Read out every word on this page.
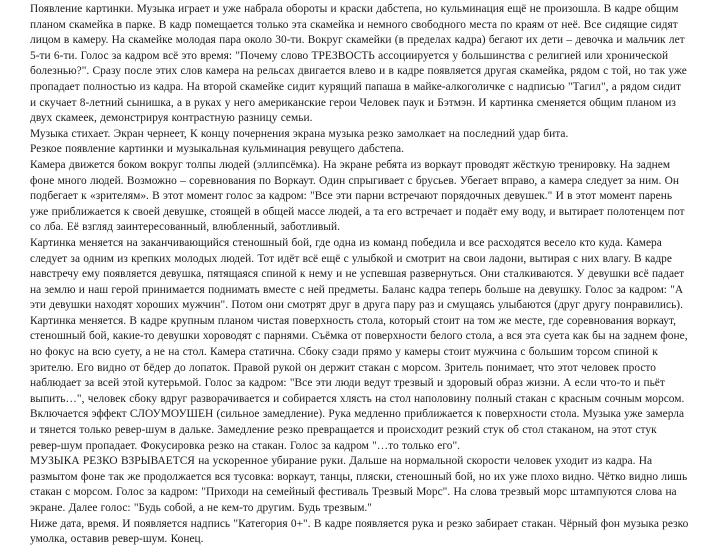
Появление картинки. Музыка играет и уже набрала обороты и краски дабстепа, но кульминация ещё не произошла. В кадре общим планом скамейка в парке. В кадр помещается только эта скамейка и немного свободного места по краям от неё. Все сидящие сидят лицом в камеру. На скамейке молодая пара около 30-ти. Вокруг скамейки (в пределах кадра) бегают их дети – девочка и мальчик лет 5-ти 6-ти. Голос за кадром всё это время: "Почему слово ТРЕЗВОСТЬ ассоциируется у большинства с религией или хронической болезнью?". Сразу после этих слов камера на рельсах двигается влево и в кадре появляется другая скамейка, рядом с той, но так уже пропадает полностью из кадра. На второй скамейке сидит курящий папаша в майке-алкоголичке с надписью "Тагил", а рядом сидит и скучает 8-летний сынишка, а в руках у него американские герои Человек паук и Бэтмэн. И картинка сменяется общим планом из двух скамеек, демонстрируя контрастную разницу семьи.

Музыка стихает. Экран чернеет, К концу почернения экрана музыка резко замолкает на последний удар бита.

Резкое появление картинки и музыкальная кульминация ревущего дабстепа.

Камера движется боком вокруг толпы людей (эллипсёмка). На экране ребята из воркаут проводят жёсткую тренировку. На заднем фоне много людей. Возможно – соревнования по Воркаут. Один спрыгивает с брусьев. Убегает вправо, а камера следует за ним. Он подбегает к «зрителям». В этот момент голос за кадром: "Все эти парни встречают порядочных девушек." И в этот момент парень уже приближается к своей девушке, стоящей в общей массе людей, а та его встречает и подаёт ему воду, и вытирает полотенцем пот со лба. Её взгляд заинтересованный, влюбленный, заботливый.

Картинка меняется на заканчивающийся стеношный бой, где одна из команд победила и все расходятся весело кто куда. Камера следует за одним из крепких молодых людей. Тот идёт всё ещё с улыбкой и смотрит на свои ладони, вытирая с них влагу. В кадре навстречу ему появляется девушка, пятящаяся спиной к нему и не успевшая развернуться. Они сталкиваются. У девушки всё падает на землю и наш герой принимается поднимать вместе с ней предметы. Баланс кадра теперь больше на девушку. Голос за кадром: "А эти девушки находят хороших мужчин". Потом они смотрят друг в друга пару раз и смущаясь улыбаются (друг другу понравились).

Картинка меняется. В кадре крупным планом чистая поверхность стола, который стоит на том же месте, где соревнования воркаут, стеношный бой, какие-то девушки хороводят с парнями. Съёмка от поверхности белого стола, а вся эта суета как бы на заднем фоне, но фокус на всю суету, а не на стол. Камера статична. Сбоку сзади прямо у камеры стоит мужчина с большим торсом спиной к зрителю. Его видно от бёдер до лопаток. Правой рукой он держит стакан с морсом. Зритель понимает, что этот человек просто наблюдает за всей этой кутерьмой. Голос за кадром: "Все эти люди ведут трезвый и здоровый образ жизни. А если что-то и пьёт выпить…", человек сбоку вдруг разворачивается и собирается хлясть на стол наполовину полный стакан с красным сочным морсом. Включается эффект СЛОУМОУШЕН (сильное замедление). Рука медленно приближается к поверхности стола. Музыка уже замерла и тянется только ревер-шум в дальке. Замедление резко превращается и происходит резкий стук об стол стаканом, на этот стук ревер-шум пропадает. Фокусировка резко на стакан. Голос за кадром "…то только его".

МУЗЫКА РЕЗКО ВЗРЫВАЕТСЯ на ускоренное убирание руки. Дальше на нормальной скорости человек уходит из кадра. На размытом фоне так же продолжается вся тусовка: воркаут, танцы, пляски, стеношный бой, но их уже плохо видно. Чётко видно лишь стакан с морсом. Голос за кадром: "Приходи на семейный фестиваль Трезвый Морс". На слова трезвый морс штампуются слова на экране. Далее голос: "Будь собой, а не кем-то другим. Будь трезвым."

Ниже дата, время. И появляется надпись "Категория 0+". В кадре появляется рука и резко забирает стакан. Чёрный фон музыка резко умолка, оставив ревер-шум. Конец.
